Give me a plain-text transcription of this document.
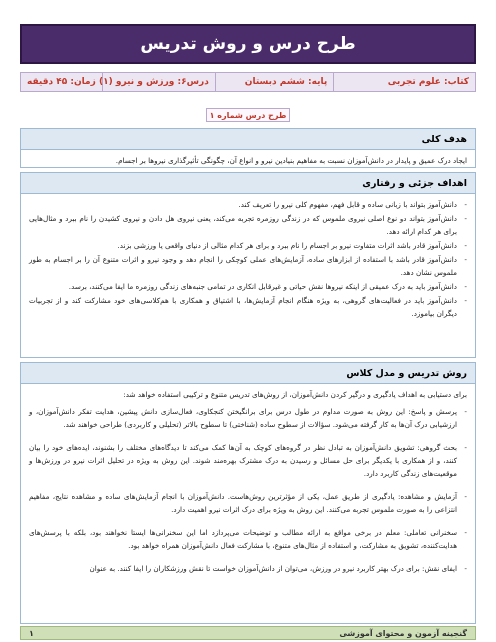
طرح درس و روش تدریس
کتاب: علوم تجربی
پایه: ششم دبستان
درس۶: ورزش و نیرو (۱)
زمان: ۴۵ دقیقه
طرح درس شماره ۱
هدف کلی
ایجاد درک عمیق و پایدار در دانش‌آموزان نسبت به مفاهیم بنیادین نیرو و انواع آن، چگونگی تأثیرگذاری نیروها بر اجسام.
اهداف جزئی و رفتاری
- دانش‌آموز بتواند با زبانی ساده و قابل فهم، مفهوم کلی نیرو را تعریف کند.
- دانش‌آموز بتواند دو نوع اصلی نیروی ملموس که در زندگی روزمره تجربه می‌کند، یعنی نیروی هل دادن و نیروی کشیدن را نام ببرد و مثال‌هایی برای هر کدام ارائه دهد.
- دانش‌آموز قادر باشد اثرات متفاوت نیرو بر اجسام را نام ببرد و برای هر کدام مثالی از دنیای واقعی یا ورزشی بزند.
- دانش‌آموز قادر باشد با استفاده از ابزارهای ساده، آزمایش‌های عملی کوچکی را انجام دهد و وجود نیرو و اثرات متنوع آن را بر اجسام به طور ملموس نشان دهد.
- دانش‌آموز باید به درک عمیقی از اینکه نیروها نقش حیاتی و غیرقابل انکاری در تمامی جنبه‌های زندگی روزمره ما ایفا می‌کنند، برسد.
- دانش‌آموز باید در فعالیت‌های گروهی، به ویژه هنگام انجام آزمایش‌ها، با اشتیاق و همکاری با هم‌کلاسی‌های خود مشارکت کند و از تجربیات دیگران بیاموزد.
روش تدریس و مدل کلاس
برای دستیابی به اهداف یادگیری و درگیر کردن دانش‌آموزان، از روش‌های تدریس متنوع و ترکیبی استفاده خواهد شد:
- پرسش و پاسخ: این روش به صورت مداوم در طول درس برای برانگیختن کنجکاوی، فعال‌سازی دانش پیشین، هدایت تفکر دانش‌آموزان، و ارزشیابی درک آن‌ها به کار گرفته می‌شود. سؤالات از سطوح ساده (شناختی) تا سطوح بالاتر (تحلیلی و کاربردی) طراحی خواهند شد.
- بحث گروهی: تشویق دانش‌آموزان به تبادل نظر در گروه‌های کوچک به آن‌ها کمک می‌کند تا دیدگاه‌های مختلف را بشنوند، ایده‌های خود را بیان کنند، و از همکاری با یکدیگر برای حل مسائل و رسیدن به درک مشترک بهره‌مند شوند. این روش به ویژه در تحلیل اثرات نیرو در ورزش‌ها و موقعیت‌های زندگی کاربرد دارد.
- آزمایش و مشاهده: یادگیری از طریق عمل، یکی از مؤثرترین روش‌هاست. دانش‌آموزان با انجام آزمایش‌های ساده و مشاهده نتایج، مفاهیم انتزاعی را به صورت ملموس تجربه می‌کنند. این روش به ویژه برای درک اثرات نیرو اهمیت دارد.
- سخنرانی تعاملی: معلم در برخی مواقع به ارائه مطالب و توضیحات می‌پردازد اما این سخنرانی‌ها ایستا نخواهند بود، بلکه با پرسش‌های هدایت‌کننده، تشویق به مشارکت، و استفاده از مثال‌های متنوع، با مشارکت فعال دانش‌آموزان همراه خواهد بود.
- ایفای نقش: برای درک بهتر کاربرد نیرو در ورزش، می‌توان از دانش‌آموزان خواست تا نقش ورزشکاران را ایفا کنند. به عنوان
گنجینه آزمون و محتوای آموزشی
۱
